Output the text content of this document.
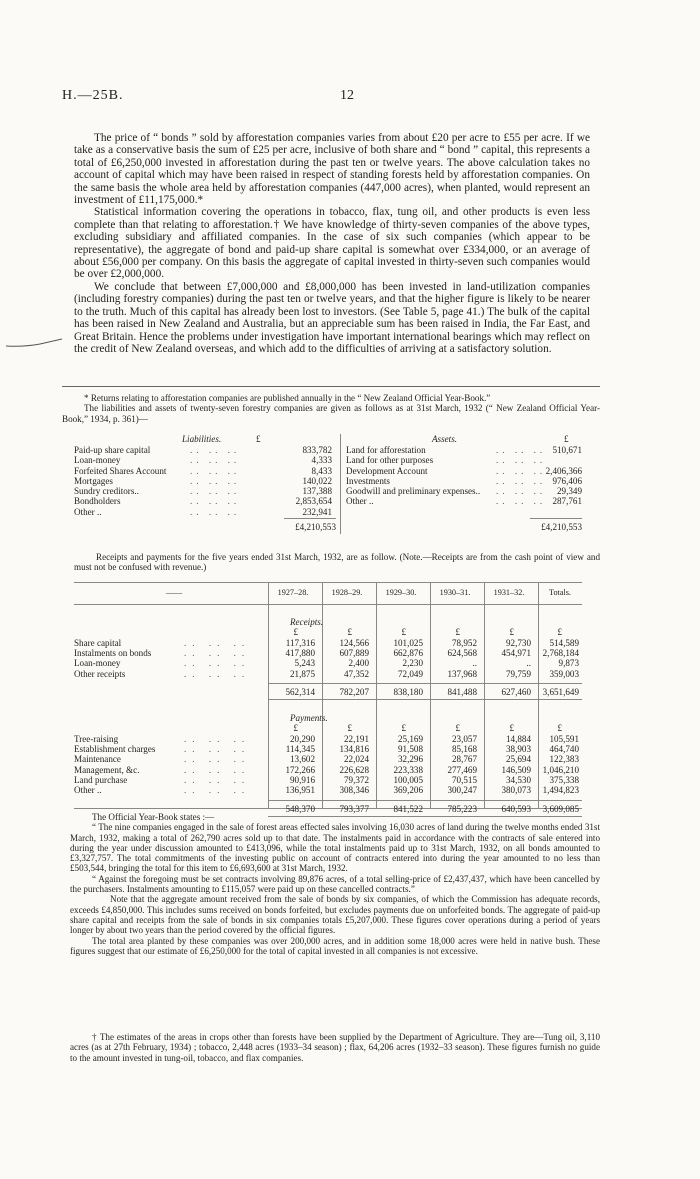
H.—25B.	12

The price of “ bonds ” sold by afforestation companies varies from about £20 per acre to £55 per acre. If we take as a conservative basis the sum of £25 per acre, inclusive of both share and “ bond ” capital, this represents a total of £6,250,000 invested in afforestation during the past ten or twelve years. The above calculation takes no account of capital which may have been raised in respect of standing forests held by afforestation companies. On the same basis the whole area held by afforestation companies (447,000 acres), when planted, would represent an investment of £11,175,000.*

Statistical information covering the operations in tobacco, flax, tung oil, and other products is even less complete than that relating to afforestation.† We have knowledge of thirty-seven companies of the above types, excluding subsidiary and affiliated companies. In the case of six such companies (which appear to be representative), the aggregate of bond and paid-up share capital is somewhat over £334,000, or an average of about £56,000 per company. On this basis the aggregate of capital invested in thirty-seven such companies would be over £2,000,000.

We conclude that between £7,000,000 and £8,000,000 has been invested in land-utilization companies (including forestry companies) during the past ten or twelve years, and that the higher figure is likely to be nearer to the truth. Much of this capital has already been lost to investors. (See Table 5, page 41.) The bulk of the capital has been raised in New Zealand and Australia, but an appreciable sum has been raised in India, the Far East, and Great Britain. Hence the problems under investigation have important international bearings which may reflect on the credit of New Zealand overseas, and which add to the difficulties of arriving at a satisfactory solution.

* Returns relating to afforestation companies are published annually in the “ New Zealand Official Year-Book.”

The liabilities and assets of twenty-seven forestry companies are given as follows as at 31st March, 1932 (“ New Zealand Official Year-Book,” 1934, p. 361)—

Liabilities.	Assets.
£	£
Paid-up share capital	.. .. ..	833,782
Loan-money	.. .. ..	4,333
Forfeited Shares Account	.. .. ..	8,433
Mortgages	.. .. ..	140,022
Sundry creditors..	.. .. ..	137,388
Bondholders	.. .. ..	2,853,654
Other ..	.. .. ..	232,941
Land for afforestation	.. .. .. 510,671
Land for other purposes	.. .. ..
Development Account	.. .. .. 2,406,366
Investments	.. .. .. 976,406
Goodwill and preliminary expenses.. .. .. .. 29,349
Other ..	.. .. .. 287,761
£4,210,553	£4,210,553

Receipts and payments for the five years ended 31st March, 1932, are as follow. (Note.—Receipts are from the cash point of view and must not be confused with revenue.)

——	1927–28.	1928–29.	1929–30.	1930–31.	1931–32.	Totals.
Receipts.
£	£	£	£	£	£
Share capital	.. .. ..	117,316	124,566	101,025	78,952	92,730 514,589
Instalments on bonds	.. .. ..	417,880	607,889	662,876	624,568	454,971 2,768,184
Loan-money	.. .. ..	5,243	2,400	2,230	..	..	9,873
Other receipts	.. .. ..	21,875	47,352	72,049	137,968	79,759 359,003
562,314	782,207	838,180	841,488	627,460 3,651,649
Payments.
£	£	£	£	£	£
Tree-raising	.. .. ..	20,290	22,191	25,169	23,057	14,884 105,591
Establishment charges	.. .. ..	114,345	134,816	91,508	85,168	38,903 464,740
Maintenance	.. .. ..	13,602	22,024	32,296	28,767	25,694 122,383
Management, &c.	.. .. ..	172,266	226,628	223,338	277,469	146,509 1,046,210
Land purchase	.. .. ..	90,916	79,372	100,005	70,515	34,530 375,338
Other ..	.. .. ..	136,951	308,346	369,206	300,247	380,073 1,494,823
548,370	793,377	841,522	785,223	640,593 3,609,085

The Official Year-Book states :—

“ The nine companies engaged in the sale of forest areas effected sales involving 16,030 acres of land during the twelve months ended 31st March, 1932, making a total of 262,790 acres sold up to that date. The instalments paid in accordance with the contracts of sale entered into during the year under discussion amounted to £413,096, while the total instalments paid up to 31st March, 1932, on all bonds amounted to £3,327,757. The total commitments of the investing public on account of contracts entered into during the year amounted to no less than £503,544, bringing the total for this item to £6,693,600 at 31st March, 1932.

“ Against the foregoing must be set contracts involving 89,876 acres, of a total selling-price of £2,437,437, which have been cancelled by the purchasers. Instalments amounting to £115,057 were paid up on these cancelled contracts.”

Note that the aggregate amount received from the sale of bonds by six companies, of which the Commission has adequate records, exceeds £4,850,000. This includes sums received on bonds forfeited, but excludes payments due on unforfeited bonds. The aggregate of paid-up share capital and receipts from the sale of bonds in six companies totals £5,207,000. These figures cover operations during a period of years longer by about two years than the period covered by the official figures.

The total area planted by these companies was over 200,000 acres, and in addition some 18,000 acres were held in native bush. These figures suggest that our estimate of £6,250,000 for the total of capital invested in all companies is not excessive.

† The estimates of the areas in crops other than forests have been supplied by the Department of Agriculture. They are—Tung oil, 3,110 acres (as at 27th February, 1934) ; tobacco, 2,448 acres (1933–34 season) ; flax, 64,206 acres (1932–33 season). These figures furnish no guide to the amount invested in tung-oil, tobacco, and flax companies.
